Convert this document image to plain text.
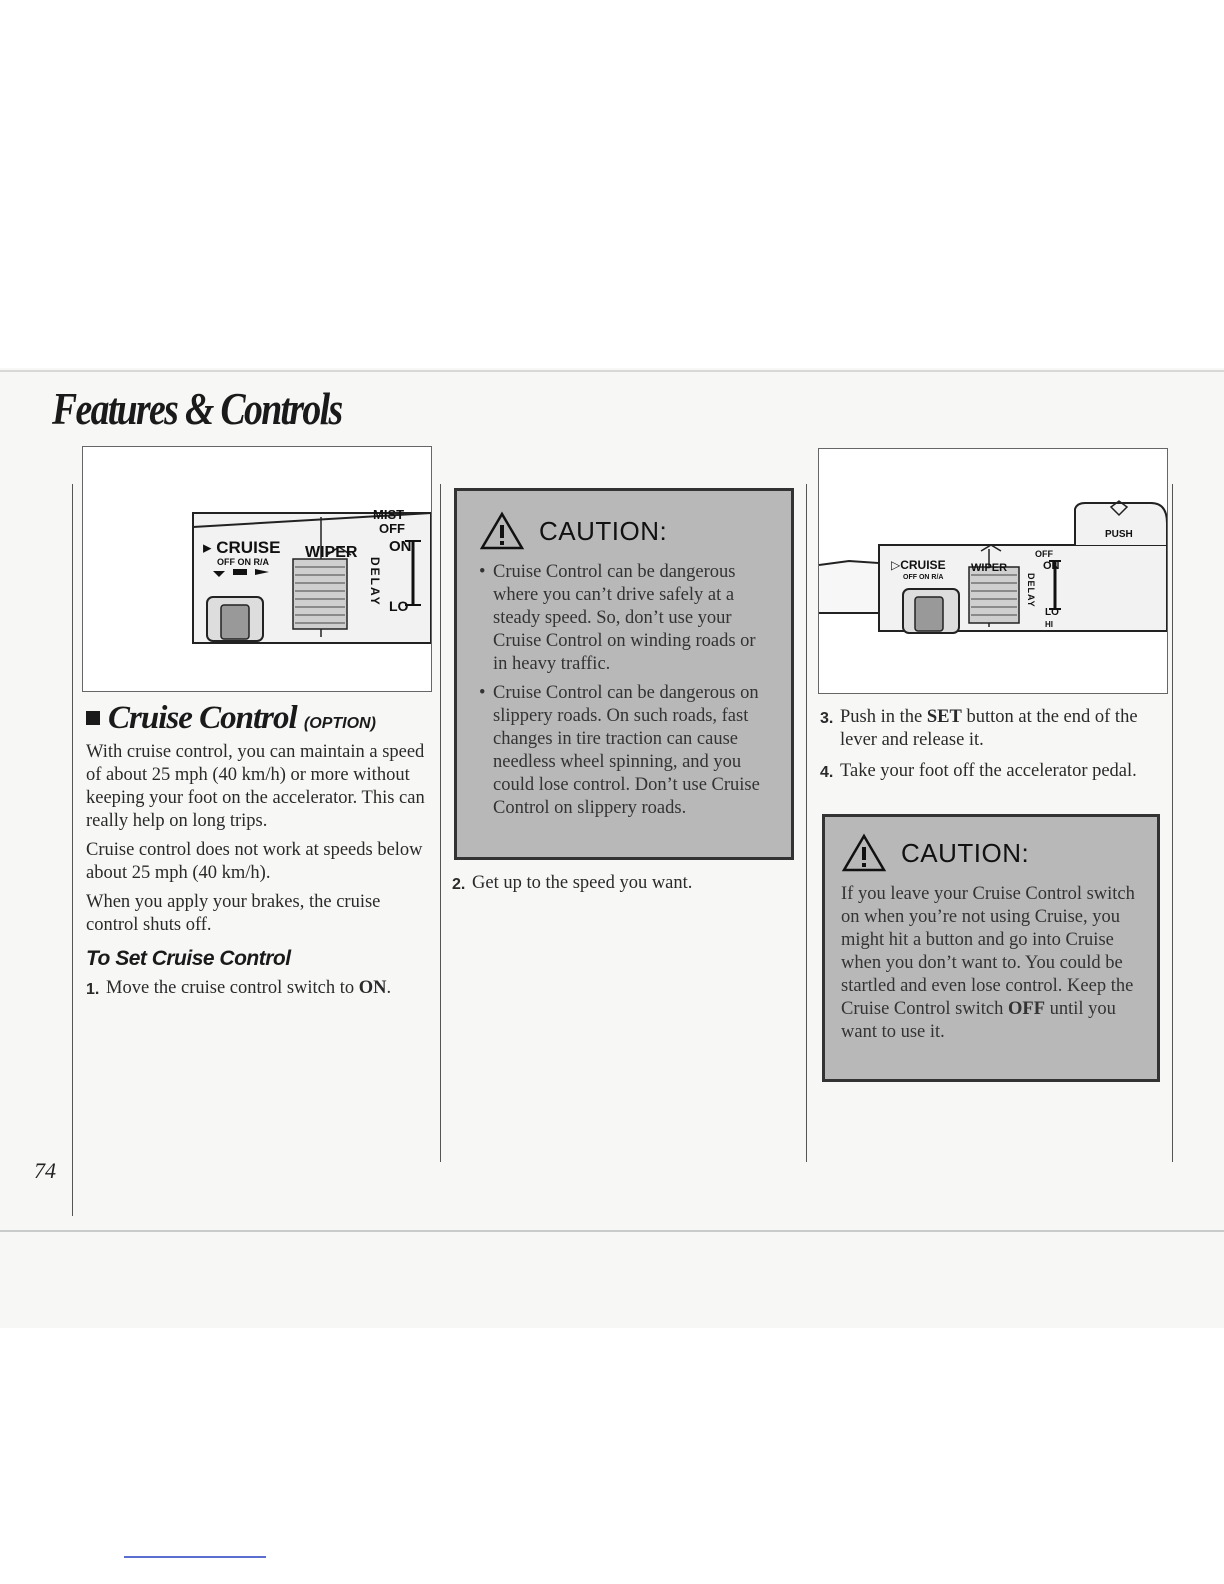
Features & Controls
74
▸ CRUISE
OFF ON R/A
WIPER
MIST
OFF
ON
DELAY LO
Cruise Control (OPTION)

With cruise control, you can maintain a speed of about 25 mph (40 km/h) or more without keeping your foot on the accelerator. This can really help on long trips.

Cruise control does not work at speeds below about 25 mph (40 km/h).

When you apply your brakes, the cruise control shuts off.

To Set Cruise Control
1. Move the cruise control switch to ON.
CAUTION:
• Cruise Control can be dangerous where you can’t drive safely at a steady speed. So, don’t use your Cruise Control on winding roads or in heavy traffic.
• Cruise Control can be dangerous on slippery roads. On such roads, fast changes in tire traction can cause needless wheel spinning, and you could lose control. Don’t use Cruise Control on slippery roads.
2. Get up to the speed you want.
PUSH
▷CRUISE
OFF ON R/A
WIPER
OFF
ON
DELAY
LO
HI
3. Push in the SET button at the end of the lever and release it.
4. Take your foot off the accelerator pedal.
CAUTION:

If you leave your Cruise Control switch on when you’re not using Cruise, you might hit a button and go into Cruise when you don’t want to. You could be startled and even lose control. Keep the Cruise Control switch OFF until you want to use it.
